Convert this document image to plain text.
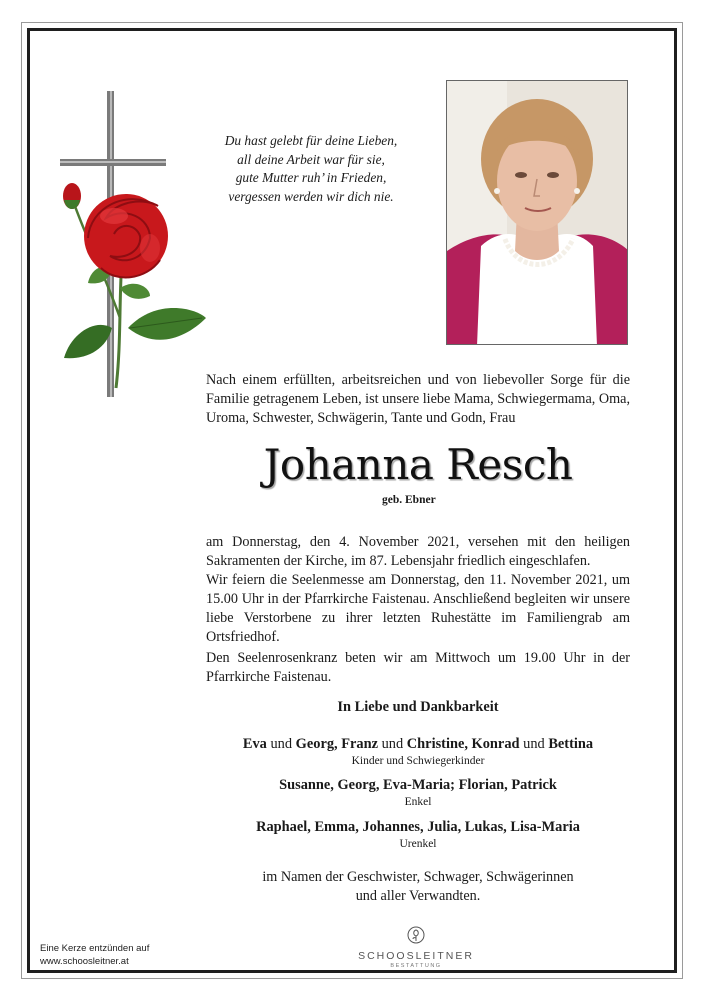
Du hast gelebt für deine Lieben,
all deine Arbeit war für sie,
gute Mutter ruh’ in Frieden,
vergessen werden wir dich nie.
Nach einem erfüllten, arbeitsreichen und von liebevoller Sorge für die Familie getragenem Leben, ist unsere liebe Mama, Schwiegermama, Oma, Uroma, Schwester, Schwägerin, Tante und Godn, Frau
Johanna Resch
geb. Ebner
am Donnerstag, den 4. November 2021, versehen mit den heiligen Sakramenten der Kirche, im 87. Lebensjahr friedlich eingeschlafen.
Wir feiern die Seelenmesse am Donnerstag, den 11. November 2021, um 15.00 Uhr in der Pfarrkirche Faistenau. Anschließend begleiten wir unsere liebe Verstorbene zu ihrer letzten Ruhestätte im Familiengrab am Ortsfriedhof.
Den Seelenrosenkranz beten wir am Mittwoch um 19.00 Uhr in der Pfarrkirche Faistenau.
In Liebe und Dankbarkeit
Eva und Georg, Franz und Christine, Konrad und Bettina
Kinder und Schwiegerkinder
Susanne, Georg, Eva-Maria; Florian, Patrick
Enkel
Raphael, Emma, Johannes, Julia, Lukas, Lisa-Maria
Urenkel
im Namen der Geschwister, Schwager, Schwägerinnen
und aller Verwandten.
Eine Kerze entzünden auf
www.schoosleitner.at	SCHOOSLEITNER
BESTATTUNG
